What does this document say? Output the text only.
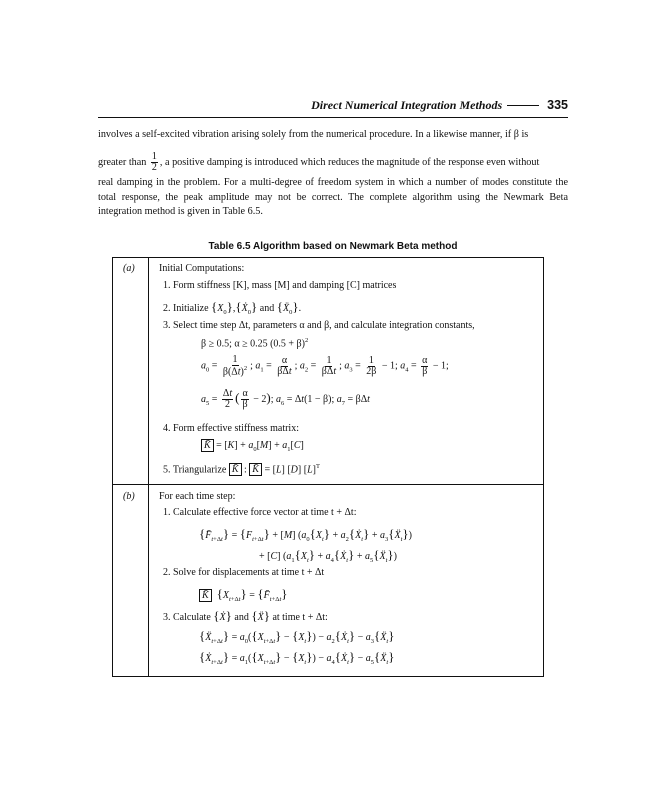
Direct Numerical Integration Methods	335
involves a self-excited vibration arising solely from the numerical procedure. In a likewise manner, if β is
greater than $\frac{1}{2}$ , a positive damping is introduced which reduces the magnitude of the response even without
real damping in the problem. For a multi-degree of freedom system in which a number of modes constitute the total response, the peak amplitude may not be correct. The complete algorithm using the Newmark Beta integration method is given in Table 6.5.
Table 6.5 Algorithm based on Newmark Beta method
(a) Initial Computations:
1. Form stiffness [K], mass [M] and damping [C] matrices
2. Initialize $\{X_0\},\{Ẋ_0\}$ and {Ẍ$_0$}.
3. Select time step Δt, parameters α and β, and calculate integration constants,
β ≥ 0.5; α ≥ 0.25 $(0.5 + \beta)^2$
$a_0 = \frac{1}{\beta(\Delta t)^2}$ ; $a_1 = \frac{\alpha}{\text{βΔt}}$ ; $a_2 = \frac{1}{\text{βΔt}}$ ; $a_3 = \frac{1}{2\beta} - 1$; $a_4 = \frac{\alpha}{\beta} - 1$;
$a_5 = \frac{\Delta t}{2}$ ( $\frac{\alpha}{\beta} - 2$); $a_6 = \Delta t(1 - \beta)$; $a_7 = \beta\Delta t$
4. Form effective stiffness matrix:
K̄ = $[K] + a_0[M] + a_1[C]$
5. Triangularize K̄ : K̄ = [L] [D] $[L]^T$
(b) For each time step:
1. Calculate effective force vector at time t + Δt:
$\{F̄_{t+\Delta t}\} = \{F_{t+\Delta t}\} + [M] (a_0\{X_t\}$ + $a_2\{Ẋ_t\}$ + $a_3\{Ẍ_t\}$)
+ [C] ($a_1\{X_t\}$ + $a_4\{Ẋ_t\}$ + $a_5\{Ẍ_t\}$)
2. Solve for displacements at time t + Δt
K̄ $\{X_{t+\Delta t}\}$ = $\{F̄_{t+\Delta t}\}$
3. Calculate {Ẋ} and {Ẍ} at time t + Δt:
{Ẍ$_{t+\Delta t}$} = $a_0(\{X_{t+\Delta t}\} - \{X_t\})$ − $a_2\{Ẋ_t\}$ − $a_3\{Ẍ_t\}$
{Ẋ$_{t+\Delta t}$} = $a_1(\{X_{t+\Delta t}\} - \{X_t\})$ − $a_4\{Ẋ_t\}$ − $a_5\{Ẍ_t\}$
